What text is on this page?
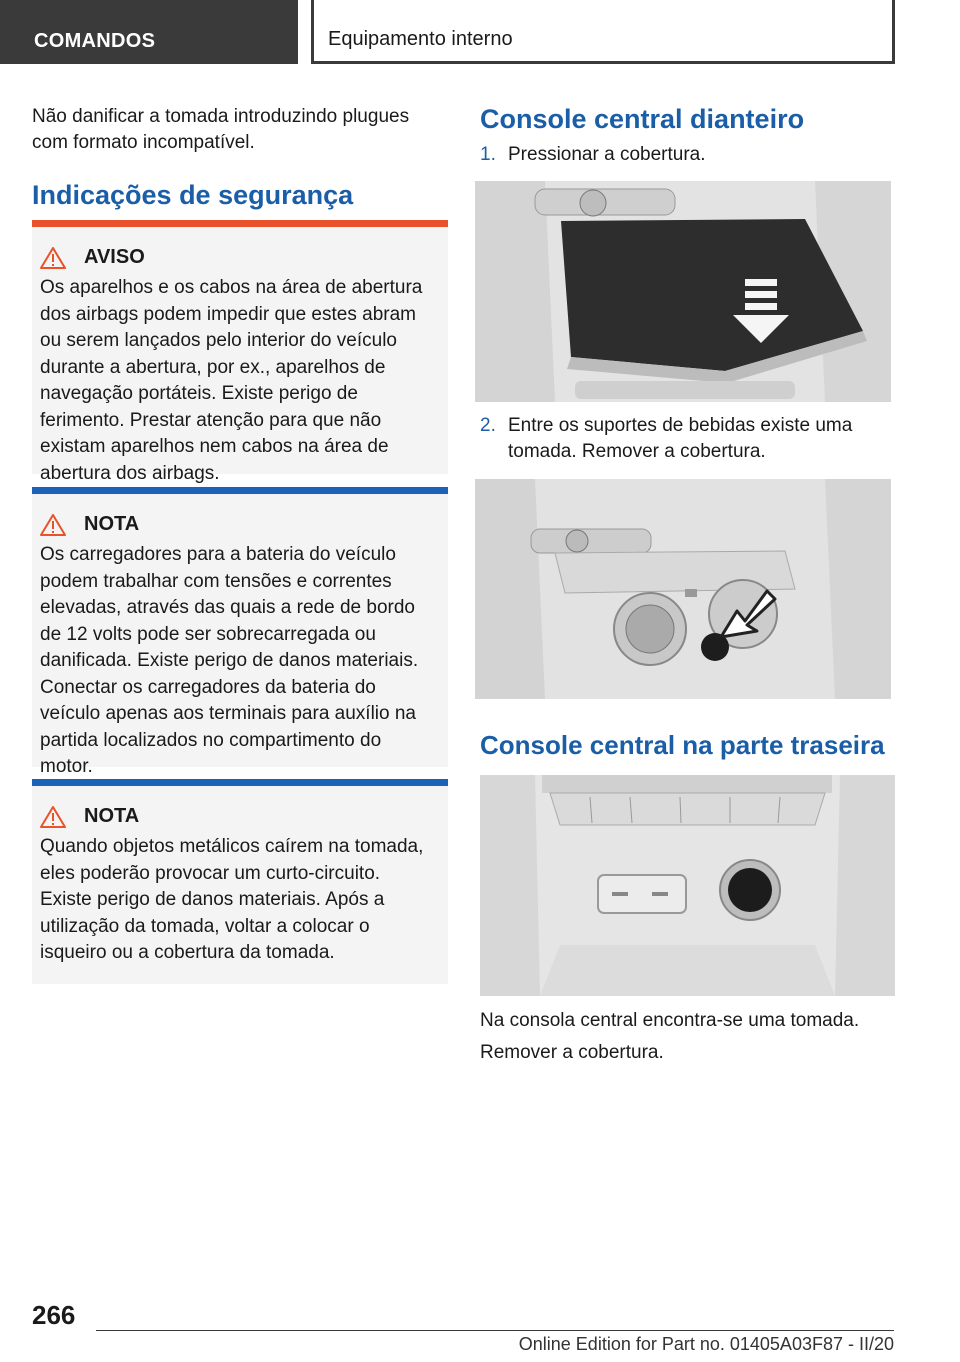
COMANDOS	Equipamento interno
Não danificar a tomada introduzindo plugues com formato incompatível.
Indicações de segurança
AVISO
Os aparelhos e os cabos na área de abertura dos airbags podem impedir que estes abram ou serem lançados pelo interior do veículo durante a abertura, por ex., aparelhos de navegação portáteis. Existe perigo de ferimento. Prestar atenção para que não existam aparelhos nem cabos na área de abertura dos airbags.
NOTA
Os carregadores para a bateria do veículo podem trabalhar com tensões e correntes elevadas, através das quais a rede de bordo de 12 volts pode ser sobrecarregada ou danificada. Existe perigo de danos materiais. Conectar os carregadores da bateria do veículo apenas aos terminais para auxílio na partida localizados no compartimento do motor.
NOTA
Quando objetos metálicos caírem na tomada, eles poderão provocar um curto-circuito. Existe perigo de danos materiais. Após a utilização da tomada, voltar a colocar o isqueiro ou a cobertura da tomada.
Console central dianteiro
1. Pressionar a cobertura.
2. Entre os suportes de bebidas existe uma tomada. Remover a cobertura.
Console central na parte traseira
Na consola central encontra-se uma tomada.
Remover a cobertura.
266
Online Edition for Part no. 01405A03F87 - II/20
